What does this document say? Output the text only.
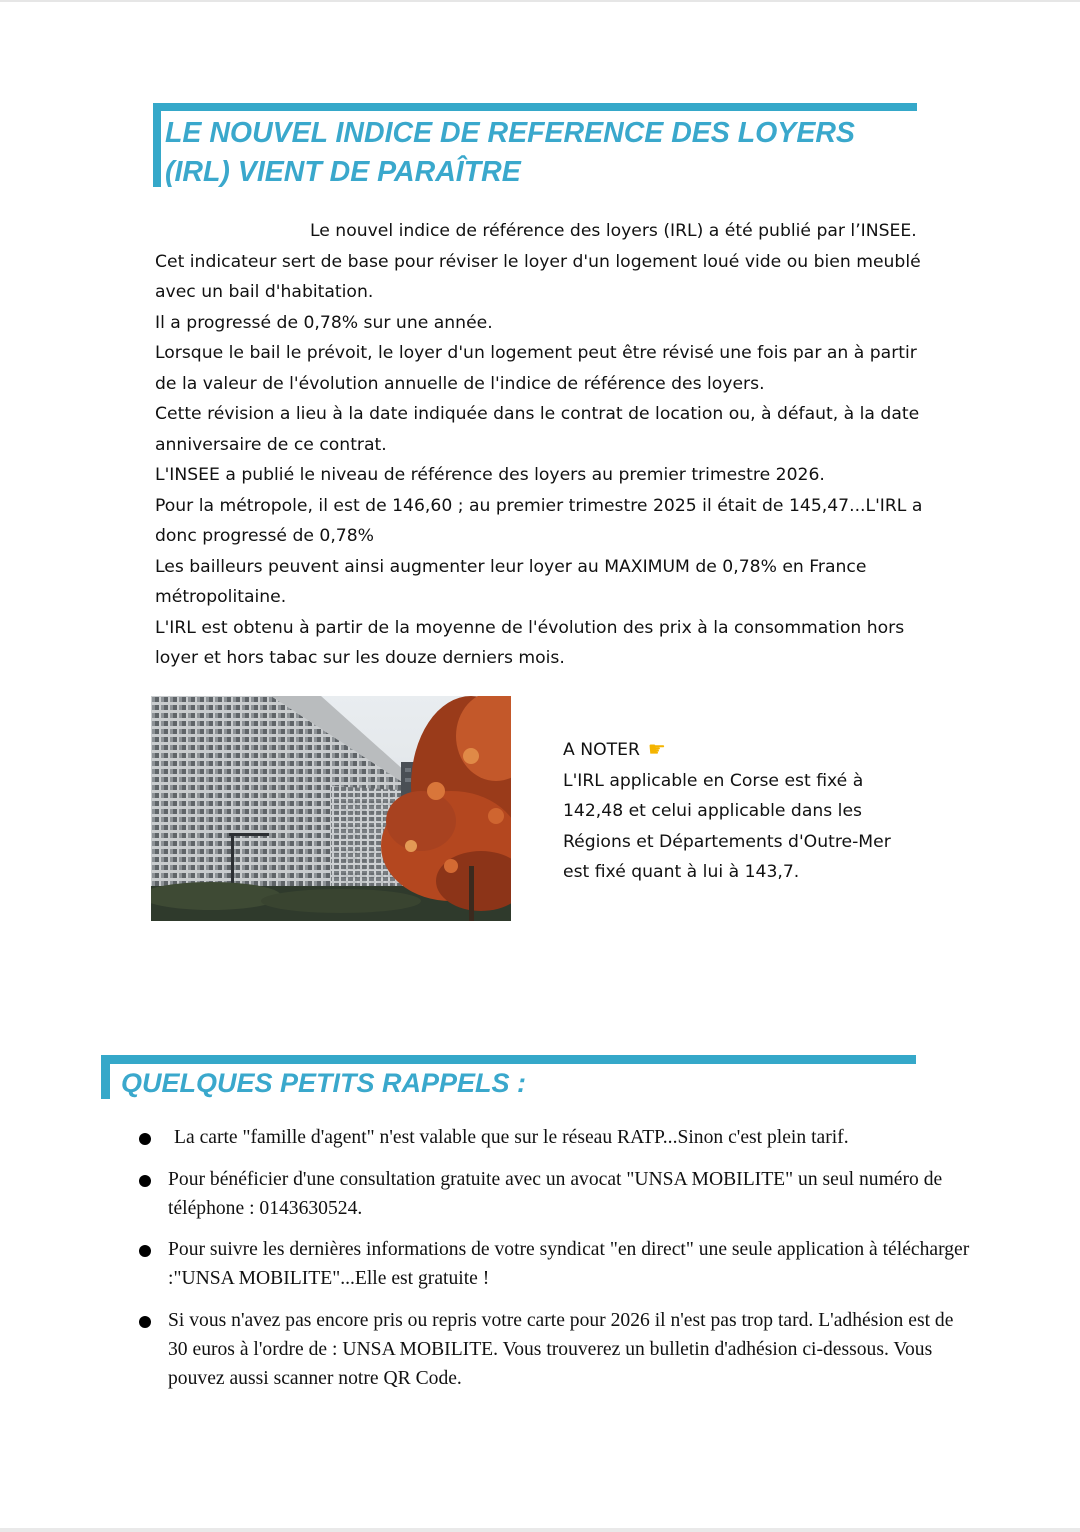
LE NOUVEL INDICE DE REFERENCE DES LOYERS
(IRL) VIENT DE PARAÎTRE

Le nouvel indice de référence des loyers (IRL) a été publié par l’INSEE.

Cet indicateur sert de base pour réviser le loyer d'un logement loué vide ou bien meublé avec un bail d'habitation.

Il a progressé de 0,78% sur une année.

Lorsque le bail le prévoit, le loyer d'un logement peut être révisé une fois par an à partir de la valeur de l'évolution annuelle de l'indice de référence des loyers.

Cette révision a lieu à la date indiquée dans le contrat de location ou, à défaut, à la date anniversaire de ce contrat.

L'INSEE a publié le niveau de référence des loyers au premier trimestre 2026.

Pour la métropole, il est de 146,60 ; au premier trimestre 2025 il était de 145,47...L'IRL a donc progressé de 0,78%

Les bailleurs peuvent ainsi augmenter leur loyer au MAXIMUM de 0,78% en France métropolitaine.

L'IRL est obtenu à partir de la moyenne de l'évolution des prix à la consommation hors loyer et hors tabac sur les douze derniers mois.

A NOTER ☛

L'IRL applicable en Corse est fixé à

142,48 et celui applicable dans les

Régions et Départements d'Outre-Mer

est fixé quant à lui à 143,7.

QUELQUES PETITS RAPPELS :
La carte "famille d'agent" n'est valable que sur le réseau RATP...Sinon c'est plein tarif.
Pour bénéficier d'une consultation gratuite avec un avocat "UNSA MOBILITE" un seul numéro de téléphone : 0143630524.
Pour suivre les dernières informations de votre syndicat "en direct" une seule application à télécharger :"UNSA MOBILITE"...Elle est gratuite !
Si vous n'avez pas encore pris ou repris votre carte pour 2026 il n'est pas trop tard. L'adhésion est de 30 euros à l'ordre de : UNSA MOBILITE. Vous trouverez un bulletin d'adhésion ci-dessous. Vous pouvez aussi scanner notre QR Code.
